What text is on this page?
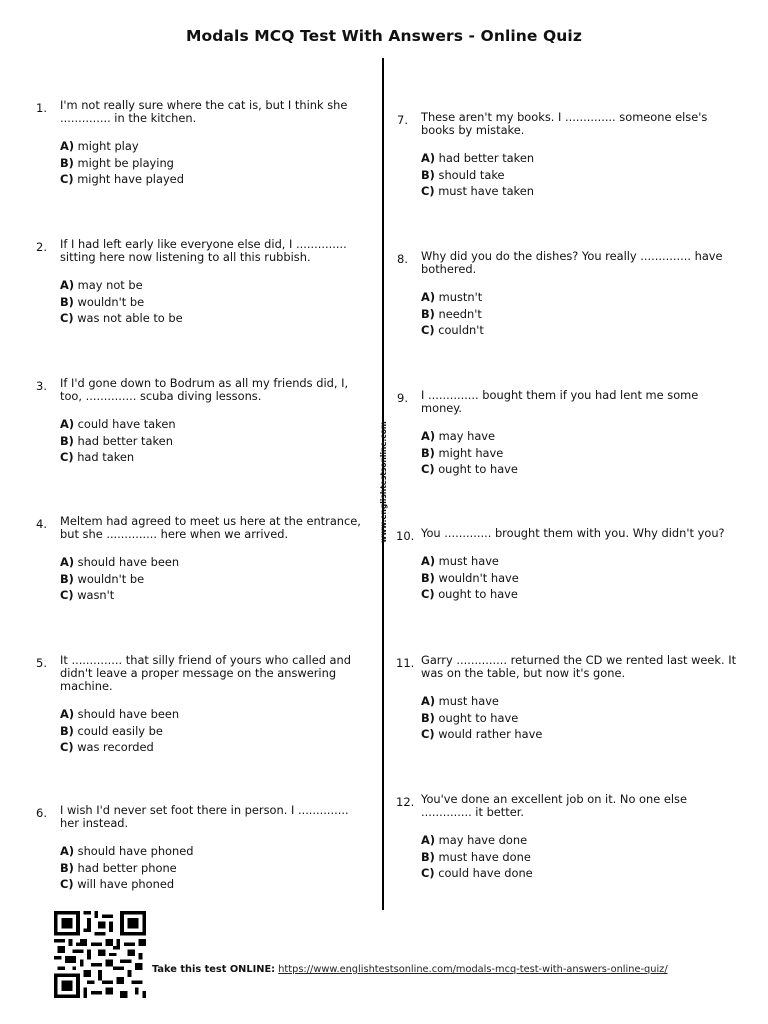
Modals MCQ Test With Answers - Online Quiz
www.englishtestsonline.com
1. I'm not really sure where the cat is, but I think she .............. in the kitchen.
A) might play
B) might be playing
C) might have played
2. If I had left early like everyone else did, I .............. sitting here now listening to all this rubbish.
A) may not be
B) wouldn't be
C) was not able to be
3. If I'd gone down to Bodrum as all my friends did, I, too, .............. scuba diving lessons.
A) could have taken
B) had better taken
C) had taken
4. Meltem had agreed to meet us here at the entrance, but she .............. here when we arrived.
A) should have been
B) wouldn't be
C) wasn't
5. It .............. that silly friend of yours who called and didn't leave a proper message on the answering machine.
A) should have been
B) could easily be
C) was recorded
6. I wish I'd never set foot there in person. I .............. her instead.
A) should have phoned
B) had better phone
C) will have phoned
7. These aren't my books. I .............. someone else's books by mistake.
A) had better taken
B) should take
C) must have taken
8. Why did you do the dishes? You really .............. have bothered.
A) mustn't
B) needn't
C) couldn't
9. I .............. bought them if you had lent me some money.
A) may have
B) might have
C) ought to have
10. You ............. brought them with you. Why didn't you?
A) must have
B) wouldn't have
C) ought to have
11. Garry .............. returned the CD we rented last week. It was on the table, but now it's gone.
A) must have
B) ought to have
C) would rather have
12. You've done an excellent job on it. No one else .............. it better.
A) may have done
B) must have done
C) could have done
Take this test ONLINE: https://www.englishtestsonline.com/modals-mcq-test-with-answers-online-quiz/
